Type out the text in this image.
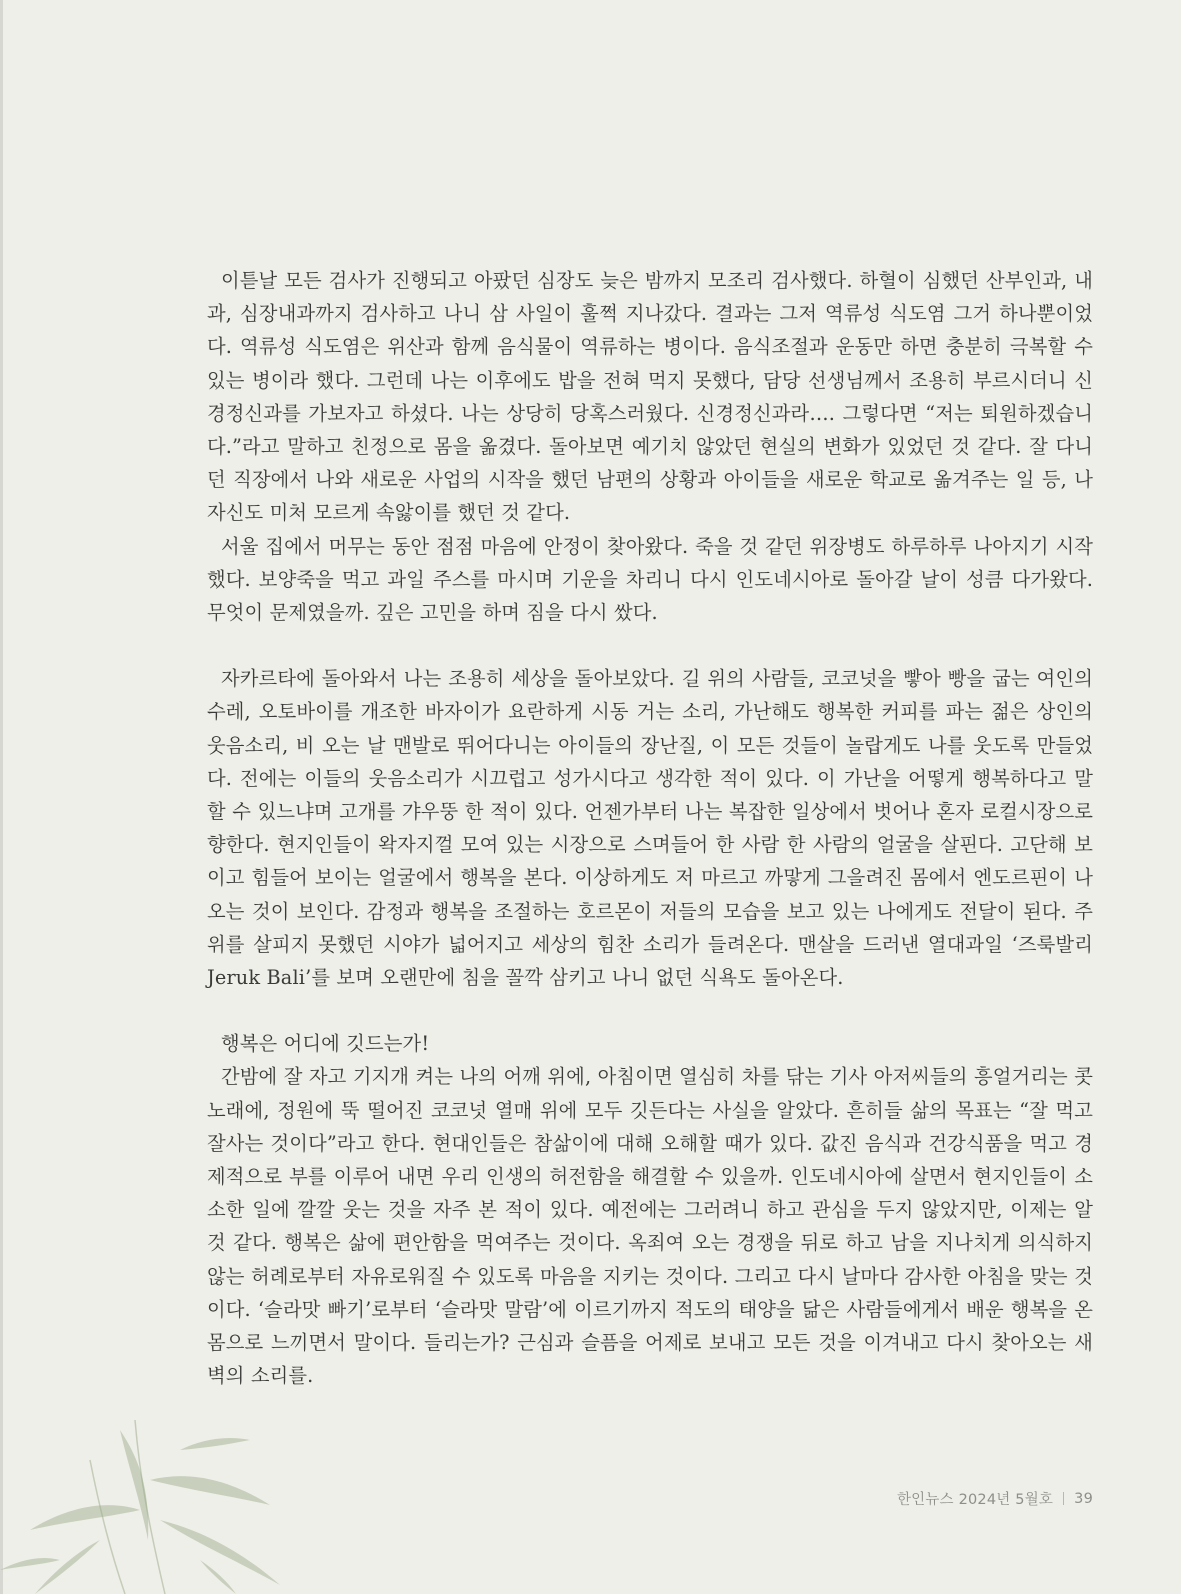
이튿날 모든 검사가 진행되고 아팠던 심장도 늦은 밤까지 모조리 검사했다. 하혈이 심했던 산부인과, 내과, 심장내과까지 검사하고 나니 삼 사일이 훌쩍 지나갔다. 결과는 그저 역류성 식도염 그거 하나뿐이었다. 역류성 식도염은 위산과 함께 음식물이 역류하는 병이다. 음식조절과 운동만 하면 충분히 극복할 수 있는 병이라 했다. 그런데 나는 이후에도 밥을 전혀 먹지 못했다, 담당 선생님께서 조용히 부르시더니 신경정신과를 가보자고 하셨다. 나는 상당히 당혹스러웠다. 신경정신과라…. 그렇다면 “저는 퇴원하겠습니다.”라고 말하고 친정으로 몸을 옮겼다. 돌아보면 예기치 않았던 현실의 변화가 있었던 것 같다. 잘 다니던 직장에서 나와 새로운 사업의 시작을 했던 남편의 상황과 아이들을 새로운 학교로 옮겨주는 일 등, 나 자신도 미처 모르게 속앓이를 했던 것 같다.

서울 집에서 머무는 동안 점점 마음에 안정이 찾아왔다. 죽을 것 같던 위장병도 하루하루 나아지기 시작했다. 보양죽을 먹고 과일 주스를 마시며 기운을 차리니 다시 인도네시아로 돌아갈 날이 성큼 다가왔다. 무엇이 문제였을까. 깊은 고민을 하며 짐을 다시 쌌다.

자카르타에 돌아와서 나는 조용히 세상을 돌아보았다. 길 위의 사람들, 코코넛을 빻아 빵을 굽는 여인의 수레, 오토바이를 개조한 바자이가 요란하게 시동 거는 소리, 가난해도 행복한 커피를 파는 젊은 상인의 웃음소리, 비 오는 날 맨발로 뛰어다니는 아이들의 장난질, 이 모든 것들이 놀랍게도 나를 웃도록 만들었다. 전에는 이들의 웃음소리가 시끄럽고 성가시다고 생각한 적이 있다. 이 가난을 어떻게 행복하다고 말 할 수 있느냐며 고개를 갸우뚱 한 적이 있다. 언젠가부터 나는 복잡한 일상에서 벗어나 혼자 로컬시장으로 향한다. 현지인들이 왁자지껄 모여 있는 시장으로 스며들어 한 사람 한 사람의 얼굴을 살핀다. 고단해 보이고 힘들어 보이는 얼굴에서 행복을 본다. 이상하게도 저 마르고 까맣게 그을려진 몸에서 엔도르핀이 나오는 것이 보인다. 감정과 행복을 조절하는 호르몬이 저들의 모습을 보고 있는 나에게도 전달이 된다. 주위를 살피지 못했던 시야가 넓어지고 세상의 힘찬 소리가 들려온다. 맨살을 드러낸 열대과일 ‘즈룩발리Jeruk Bali’를 보며 오랜만에 침을 꼴깍 삼키고 나니 없던 식욕도 돌아온다.

행복은 어디에 깃드는가!

간밤에 잘 자고 기지개 켜는 나의 어깨 위에, 아침이면 열심히 차를 닦는 기사 아저씨들의 흥얼거리는 콧노래에, 정원에 뚝 떨어진 코코넛 열매 위에 모두 깃든다는 사실을 알았다. 흔히들 삶의 목표는 “잘 먹고 잘사는 것이다”라고 한다. 현대인들은 참삶이에 대해 오해할 때가 있다. 값진 음식과 건강식품을 먹고 경제적으로 부를 이루어 내면 우리 인생의 허전함을 해결할 수 있을까. 인도네시아에 살면서 현지인들이 소소한 일에 깔깔 웃는 것을 자주 본 적이 있다. 예전에는 그러려니 하고 관심을 두지 않았지만, 이제는 알 것 같다. 행복은 삶에 편안함을 먹여주는 것이다. 옥죄여 오는 경쟁을 뒤로 하고 남을 지나치게 의식하지 않는 허례로부터 자유로워질 수 있도록 마음을 지키는 것이다. 그리고 다시 날마다 감사한 아침을 맞는 것이다. ‘슬라맛 빠기’로부터 ‘슬라맛 말람’에 이르기까지 적도의 태양을 닮은 사람들에게서 배운 행복을 온몸으로 느끼면서 말이다. 들리는가? 근심과 슬픔을 어제로 보내고 모든 것을 이겨내고 다시 찾아오는 새벽의 소리를.

한인뉴스 2024년 5월호 39
